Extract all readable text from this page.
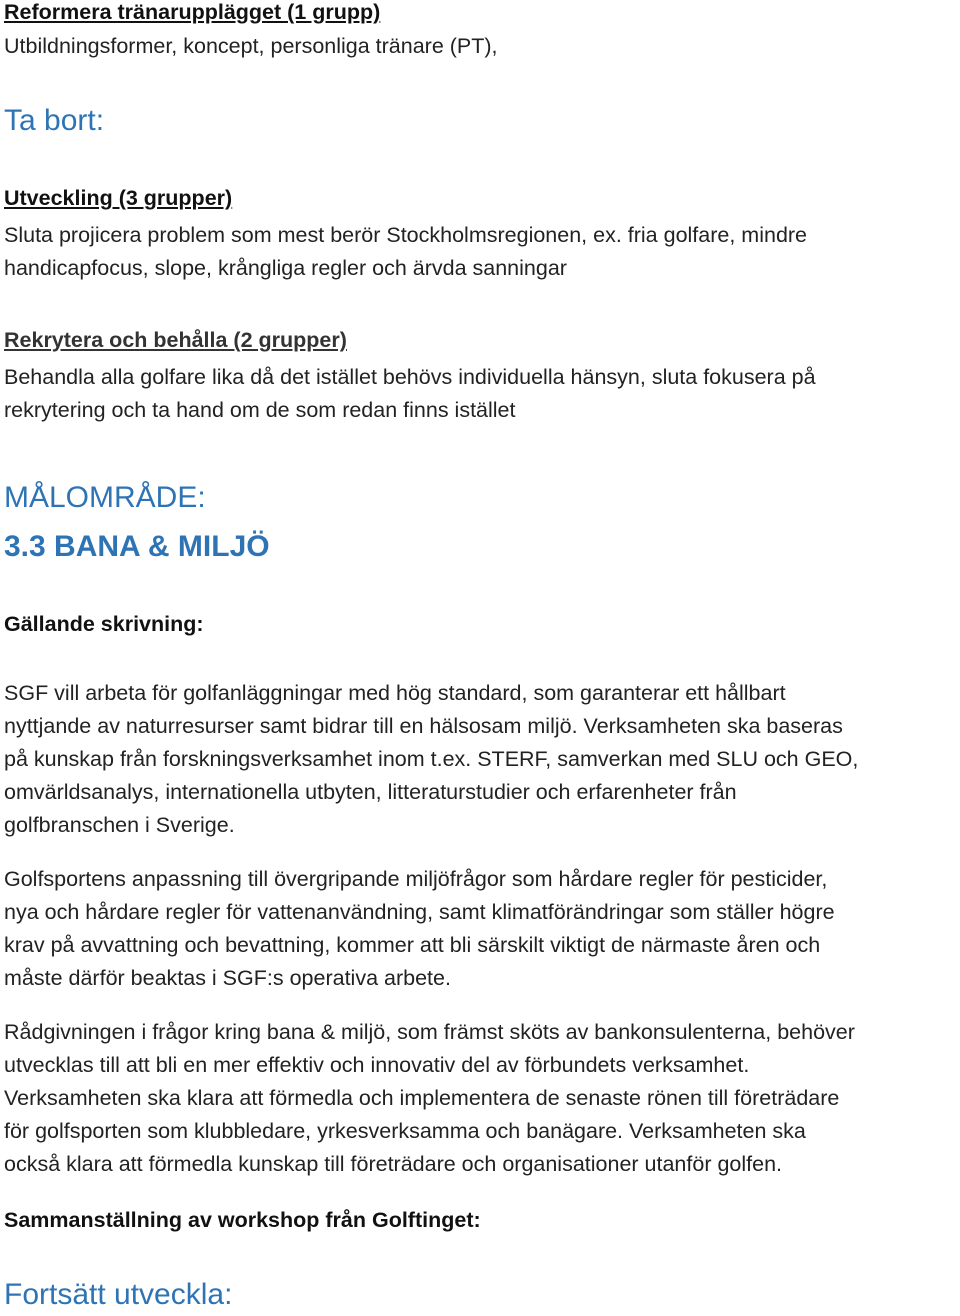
Reformera tränarupplägget (1 grupp)

Utbildningsformer, koncept, personliga tränare (PT),

Ta bort:
Utveckling (3 grupper)
Sluta projicera problem som mest berör Stockholmsregionen, ex. fria golfare, mindre
handicapfocus, slope, krångliga regler och ärvda sanningar
Rekrytera och behålla (2 grupper)
Behandla alla golfare lika då det istället behövs individuella hänsyn, sluta fokusera på
rekrytering och ta hand om de som redan finns istället
MÅLOMRÅDE:
3.3 BANA & MILJÖ
Gällande skrivning:
SGF vill arbeta för golfanläggningar med hög standard, som garanterar ett hållbart
nyttjande av naturresurser samt bidrar till en hälsosam miljö. Verksamheten ska baseras
på kunskap från forskningsverksamhet inom t.ex. STERF, samverkan med SLU och GEO,
omvärldsanalys, internationella utbyten, litteraturstudier och erfarenheter från
golfbranschen i Sverige.
Golfsportens anpassning till övergripande miljöfrågor som hårdare regler för pesticider,
nya och hårdare regler för vattenanvändning, samt klimatförändringar som ställer högre
krav på avvattning och bevattning, kommer att bli särskilt viktigt de närmaste åren och
måste därför beaktas i SGF:s operativa arbete.
Rådgivningen i frågor kring bana & miljö, som främst sköts av bankonsulenterna, behöver
utvecklas till att bli en mer effektiv och innovativ del av förbundets verksamhet.
Verksamheten ska klara att förmedla och implementera de senaste rönen till företrädare
för golfsporten som klubbledare, yrkesverksamma och banägare. Verksamheten ska
också klara att förmedla kunskap till företrädare och organisationer utanför golfen.
Sammanställning av workshop från Golftinget:
Fortsätt utveckla:
